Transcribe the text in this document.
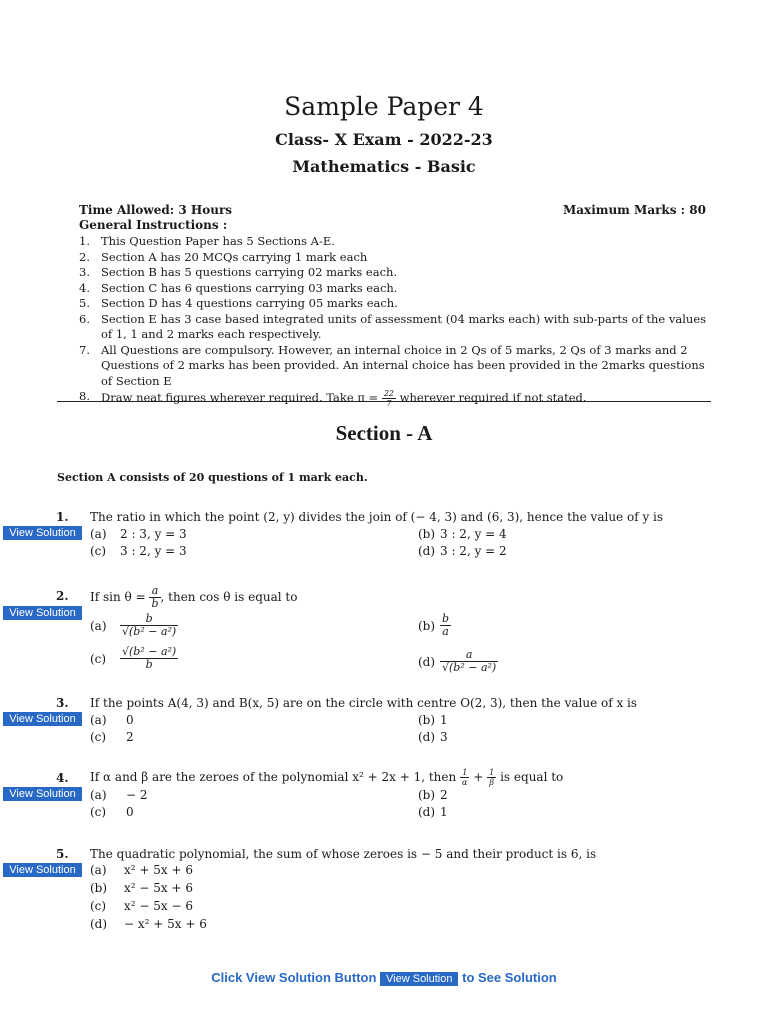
Sample Paper 4
Class- X Exam - 2022-23
Mathematics - Basic
Time Allowed: 3 Hours	Maximum Marks : 80
General Instructions :
1. This Question Paper has 5 Sections A-E.
2. Section A has 20 MCQs carrying 1 mark each
3. Section B has 5 questions carrying 02 marks each.
4. Section C has 6 questions carrying 03 marks each.
5. Section D has 4 questions carrying 05 marks each.
6. Section E has 3 case based integrated units of assessment (04 marks each) with sub-parts of the values of 1, 1 and 2 marks each respectively.
7. All Questions are compulsory. However, an internal choice in 2 Qs of 5 marks, 2 Qs of 3 marks and 2 Questions of 2 marks has been provided. An internal choice has been provided in the 2marks questions of Section E
8. Draw neat figures wherever required. Take $\pi = \frac{22}{7}$ wherever required if not stated.
Section - A
Section A consists of 20 questions of 1 mark each.
1. The ratio in which the point (2, y) divides the join of (− 4, 3) and (6, 3), hence the value of y is
View Solution	(a) 2 : 3, y = 3	(b) 3 : 2, y = 4
(c) 3 : 2, y = 3	(d) 3 : 2, y = 2
2. If $\sin \theta = \frac{a}{b}$ , then cos θ is equal to
View Solution
$(a) \frac{b}{\text{√(b² − a²)}}$	$(b) \frac{b}{a}$
$(c) \frac{\text{√(b² − a²)}}{b}$	$(d) \frac{a}{\text{√(b² − a²)}}$
3. If the points A(4, 3) and B(x, 5) are on the circle with centre O(2, 3), then the value of x is
View Solution	(a) 0	(b) 1
(c) 2	(d) 3
4. If α and β are the zeroes of the polynomial x² + 2x + 1, then $\frac{1}{\alpha} + \frac{1}{\beta}$ is equal to
View Solution	(a) − 2	(b) 2
(c) 0	(d) 1
5. The quadratic polynomial, the sum of whose zeroes is − 5 and their product is 6, is
View Solution	(a) x² + 5x + 6
(b) x² − 5x + 6
(c) x² − 5x − 6
(d) − x² + 5x + 6
Click View Solution Button View Solution to See Solution
